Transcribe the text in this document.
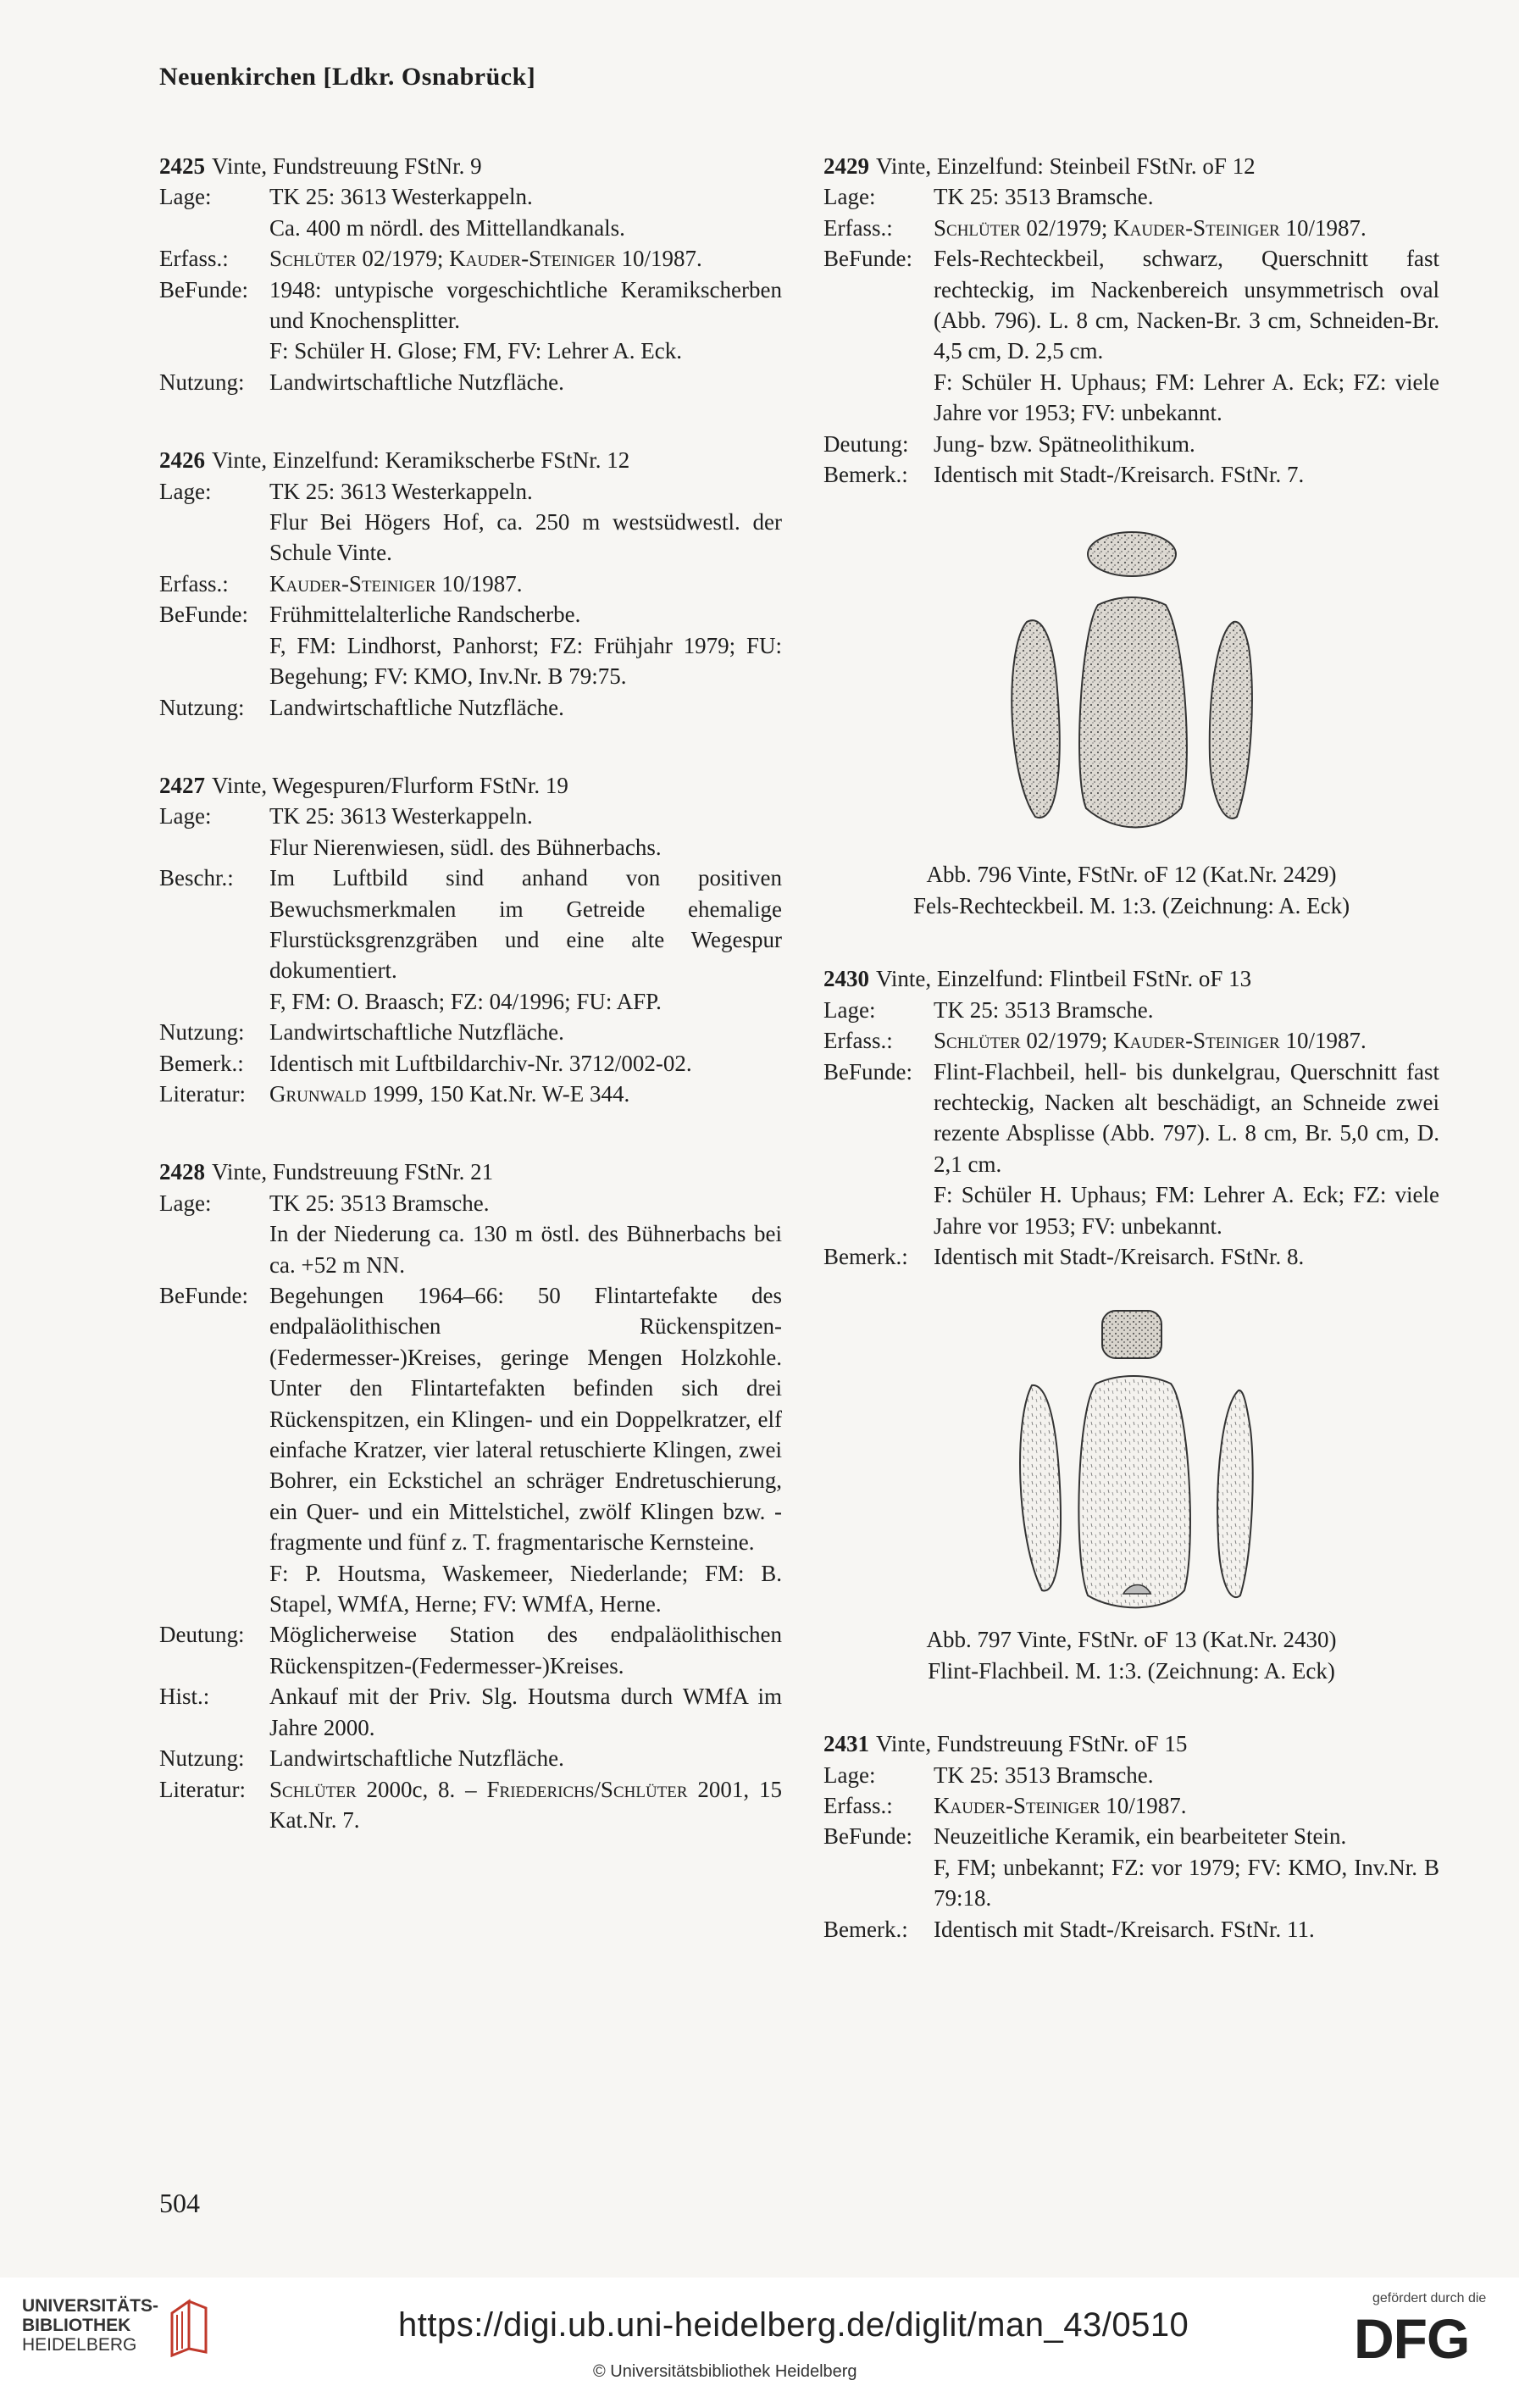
Neuenkirchen [Ldkr. Osnabrück]
2425 Vinte, Fundstreuung FStNr. 9
Lage:	TK 25: 3613 Westerkappeln.
Ca. 400 m nördl. des Mittellandkanals.
Erfass.:	Schlüter 02/1979; Kauder-Steiniger 10/1987.
BeFunde: 1948: untypische vorgeschichtliche Keramikscherben und Knochensplitter.
F: Schüler H. Glose; FM, FV: Lehrer A. Eck.
Nutzung:	Landwirtschaftliche Nutzfläche.
2426 Vinte, Einzelfund: Keramikscherbe FStNr. 12
Lage:	TK 25: 3613 Westerkappeln.
Flur Bei Högers Hof, ca. 250 m westsüdwestl. der Schule Vinte.
Erfass.:	Kauder-Steiniger 10/1987.
BeFunde: Frühmittelalterliche Randscherbe.
F, FM: Lindhorst, Panhorst; FZ: Frühjahr 1979; FU: Begehung; FV: KMO, Inv.Nr. B 79:75.
Nutzung:	Landwirtschaftliche Nutzfläche.
2427 Vinte, Wegespuren/Flurform FStNr. 19
Lage:	TK 25: 3613 Westerkappeln.
Flur Nierenwiesen, südl. des Bühnerbachs.
Beschr.:	Im Luftbild sind anhand von positiven Bewuchsmerkmalen im Getreide ehemalige Flurstücksgrenzgräben und eine alte Wegespur dokumentiert.
F, FM: O. Braasch; FZ: 04/1996; FU: AFP.
Nutzung:	Landwirtschaftliche Nutzfläche.
Bemerk.:	Identisch mit Luftbildarchiv-Nr. 3712/002-02.
Literatur:	Grunwald 1999, 150 Kat.Nr. W-E 344.
2428 Vinte, Fundstreuung FStNr. 21
Lage:	TK 25: 3513 Bramsche.
In der Niederung ca. 130 m östl. des Bühnerbachs bei ca. +52 m NN.
BeFunde: Begehungen 1964–66: 50 Flintartefakte des endpaläolithischen Rückenspitzen-(Federmesser-)Kreises, geringe Mengen Holzkohle. Unter den Flintartefakten befinden sich drei Rückenspitzen, ein Klingen- und ein Doppelkratzer, elf einfache Kratzer, vier lateral retuschierte Klingen, zwei Bohrer, ein Eckstichel an schräger Endretuschierung, ein Quer- und ein Mittelstichel, zwölf Klingen bzw. -fragmente und fünf z. T. fragmentarische Kernsteine.
F: P. Houtsma, Waskemeer, Niederlande; FM: B. Stapel, WMfA, Herne; FV: WMfA, Herne.
Deutung:	Möglicherweise Station des endpaläolithischen Rückenspitzen-(Federmesser-)Kreises.
Hist.:	Ankauf mit der Priv. Slg. Houtsma durch WMfA im Jahre 2000.
Nutzung:	Landwirtschaftliche Nutzfläche.
Literatur:	Schlüter 2000c, 8. – Friederichs/Schlüter 2001, 15 Kat.Nr. 7.
2429 Vinte, Einzelfund: Steinbeil FStNr. oF 12
Lage:	TK 25: 3513 Bramsche.
Erfass.:	Schlüter 02/1979; Kauder-Steiniger 10/1987.
BeFunde: Fels-Rechteckbeil, schwarz, Querschnitt fast rechteckig, im Nackenbereich unsymmetrisch oval (Abb. 796). L. 8 cm, Nacken-Br. 3 cm, Schneiden-Br. 4,5 cm, D. 2,5 cm.
F: Schüler H. Uphaus; FM: Lehrer A. Eck; FZ: viele Jahre vor 1953; FV: unbekannt.
Deutung:	Jung- bzw. Spätneolithikum.
Bemerk.:	Identisch mit Stadt-/Kreisarch. FStNr. 7.
Abb. 796 Vinte, FStNr. oF 12 (Kat.Nr. 2429)
Fels-Rechteckbeil. M. 1:3. (Zeichnung: A. Eck)
2430 Vinte, Einzelfund: Flintbeil FStNr. oF 13
Lage:	TK 25: 3513 Bramsche.
Erfass.:	Schlüter 02/1979; Kauder-Steiniger 10/1987.
BeFunde: Flint-Flachbeil, hell- bis dunkelgrau, Querschnitt fast rechteckig, Nacken alt beschädigt, an Schneide zwei rezente Absplisse (Abb. 797). L. 8 cm, Br. 5,0 cm, D. 2,1 cm.
F: Schüler H. Uphaus; FM: Lehrer A. Eck; FZ: viele Jahre vor 1953; FV: unbekannt.
Bemerk.:	Identisch mit Stadt-/Kreisarch. FStNr. 8.
Abb. 797 Vinte, FStNr. oF 13 (Kat.Nr. 2430)
Flint-Flachbeil. M. 1:3. (Zeichnung: A. Eck)
2431 Vinte, Fundstreuung FStNr. oF 15
Lage:	TK 25: 3513 Bramsche.
Erfass.:	Kauder-Steiniger 10/1987.
BeFunde: Neuzeitliche Keramik, ein bearbeiteter Stein.
F, FM; unbekannt; FZ: vor 1979; FV: KMO, Inv.Nr. B 79:18.
Bemerk.:	Identisch mit Stadt-/Kreisarch. FStNr. 11.
504
UNIVERSITÄTS-
BIBLIOTHEK
HEIDELBERG
https://digi.ub.uni-heidelberg.de/diglit/man_43/0510
© Universitätsbibliothek Heidelberg
gefördert durch die
DFG
